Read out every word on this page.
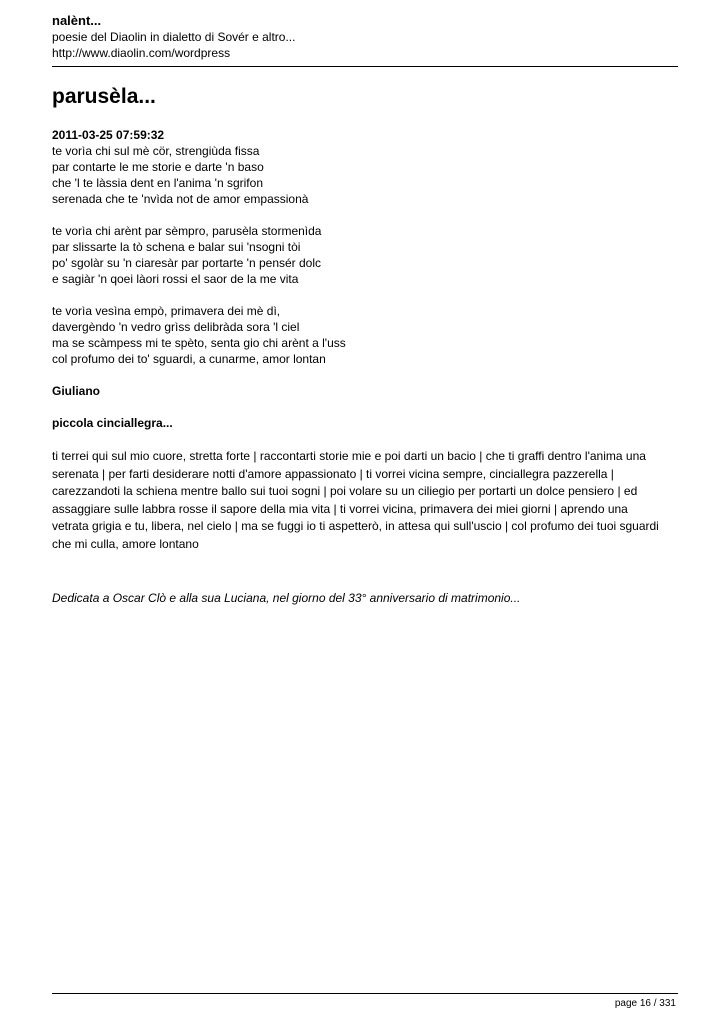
nalènt...
poesie del Diaolin in dialetto di Sovér e altro...
http://www.diaolin.com/wordpress
parusèla...
2011-03-25 07:59:32
te vorìa chi sul mè cör, strengiùda fissa
par contarte le me storie e darte 'n baso
che 'l te làssia dent en l'anima 'n sgrifon
serenada che te 'nvìda not de amor empassionà
te vorìa chi arènt par sèmpro, parusèla stormenìda
par slissarte la tò schena e balar sui 'nsogni tòi
po' sgolàr su 'n ciaresàr par portarte 'n pensér dolc
e sagiàr 'n qoei làori rossi el saor de la me vita
te vorìa vesìna empò, primavera dei mè dì,
davergèndo 'n vedro grìss delibràda sora 'l ciel
ma se scàmpess mi te spèto, senta gio chi arènt a l'uss
col profumo dei to' sguardi, a cunarme, amor lontan
Giuliano
piccola cinciallegra...
ti terrei qui sul mio cuore, stretta forte | raccontarti storie mie e poi darti un bacio | che ti graffi dentro l'anima una
serenata | per farti desiderare notti d'amore appassionato | ti vorrei vicina sempre, cinciallegra pazzerella |
carezzandoti la schiena mentre ballo sui tuoi sogni | poi volare su un ciliegio per portarti un dolce pensiero | ed
assaggiare sulle labbra rosse il sapore della mia vita | ti vorrei vicina, primavera dei miei giorni | aprendo una
vetrata grigia e tu, libera, nel cielo | ma se fuggi io ti aspetterò, in attesa qui sull'uscio | col profumo dei tuoi sguardi
che mi culla, amore lontano
Dedicata a Oscar Clò e alla sua Luciana, nel giorno del 33° anniversario di matrimonio...
page 16 / 331
